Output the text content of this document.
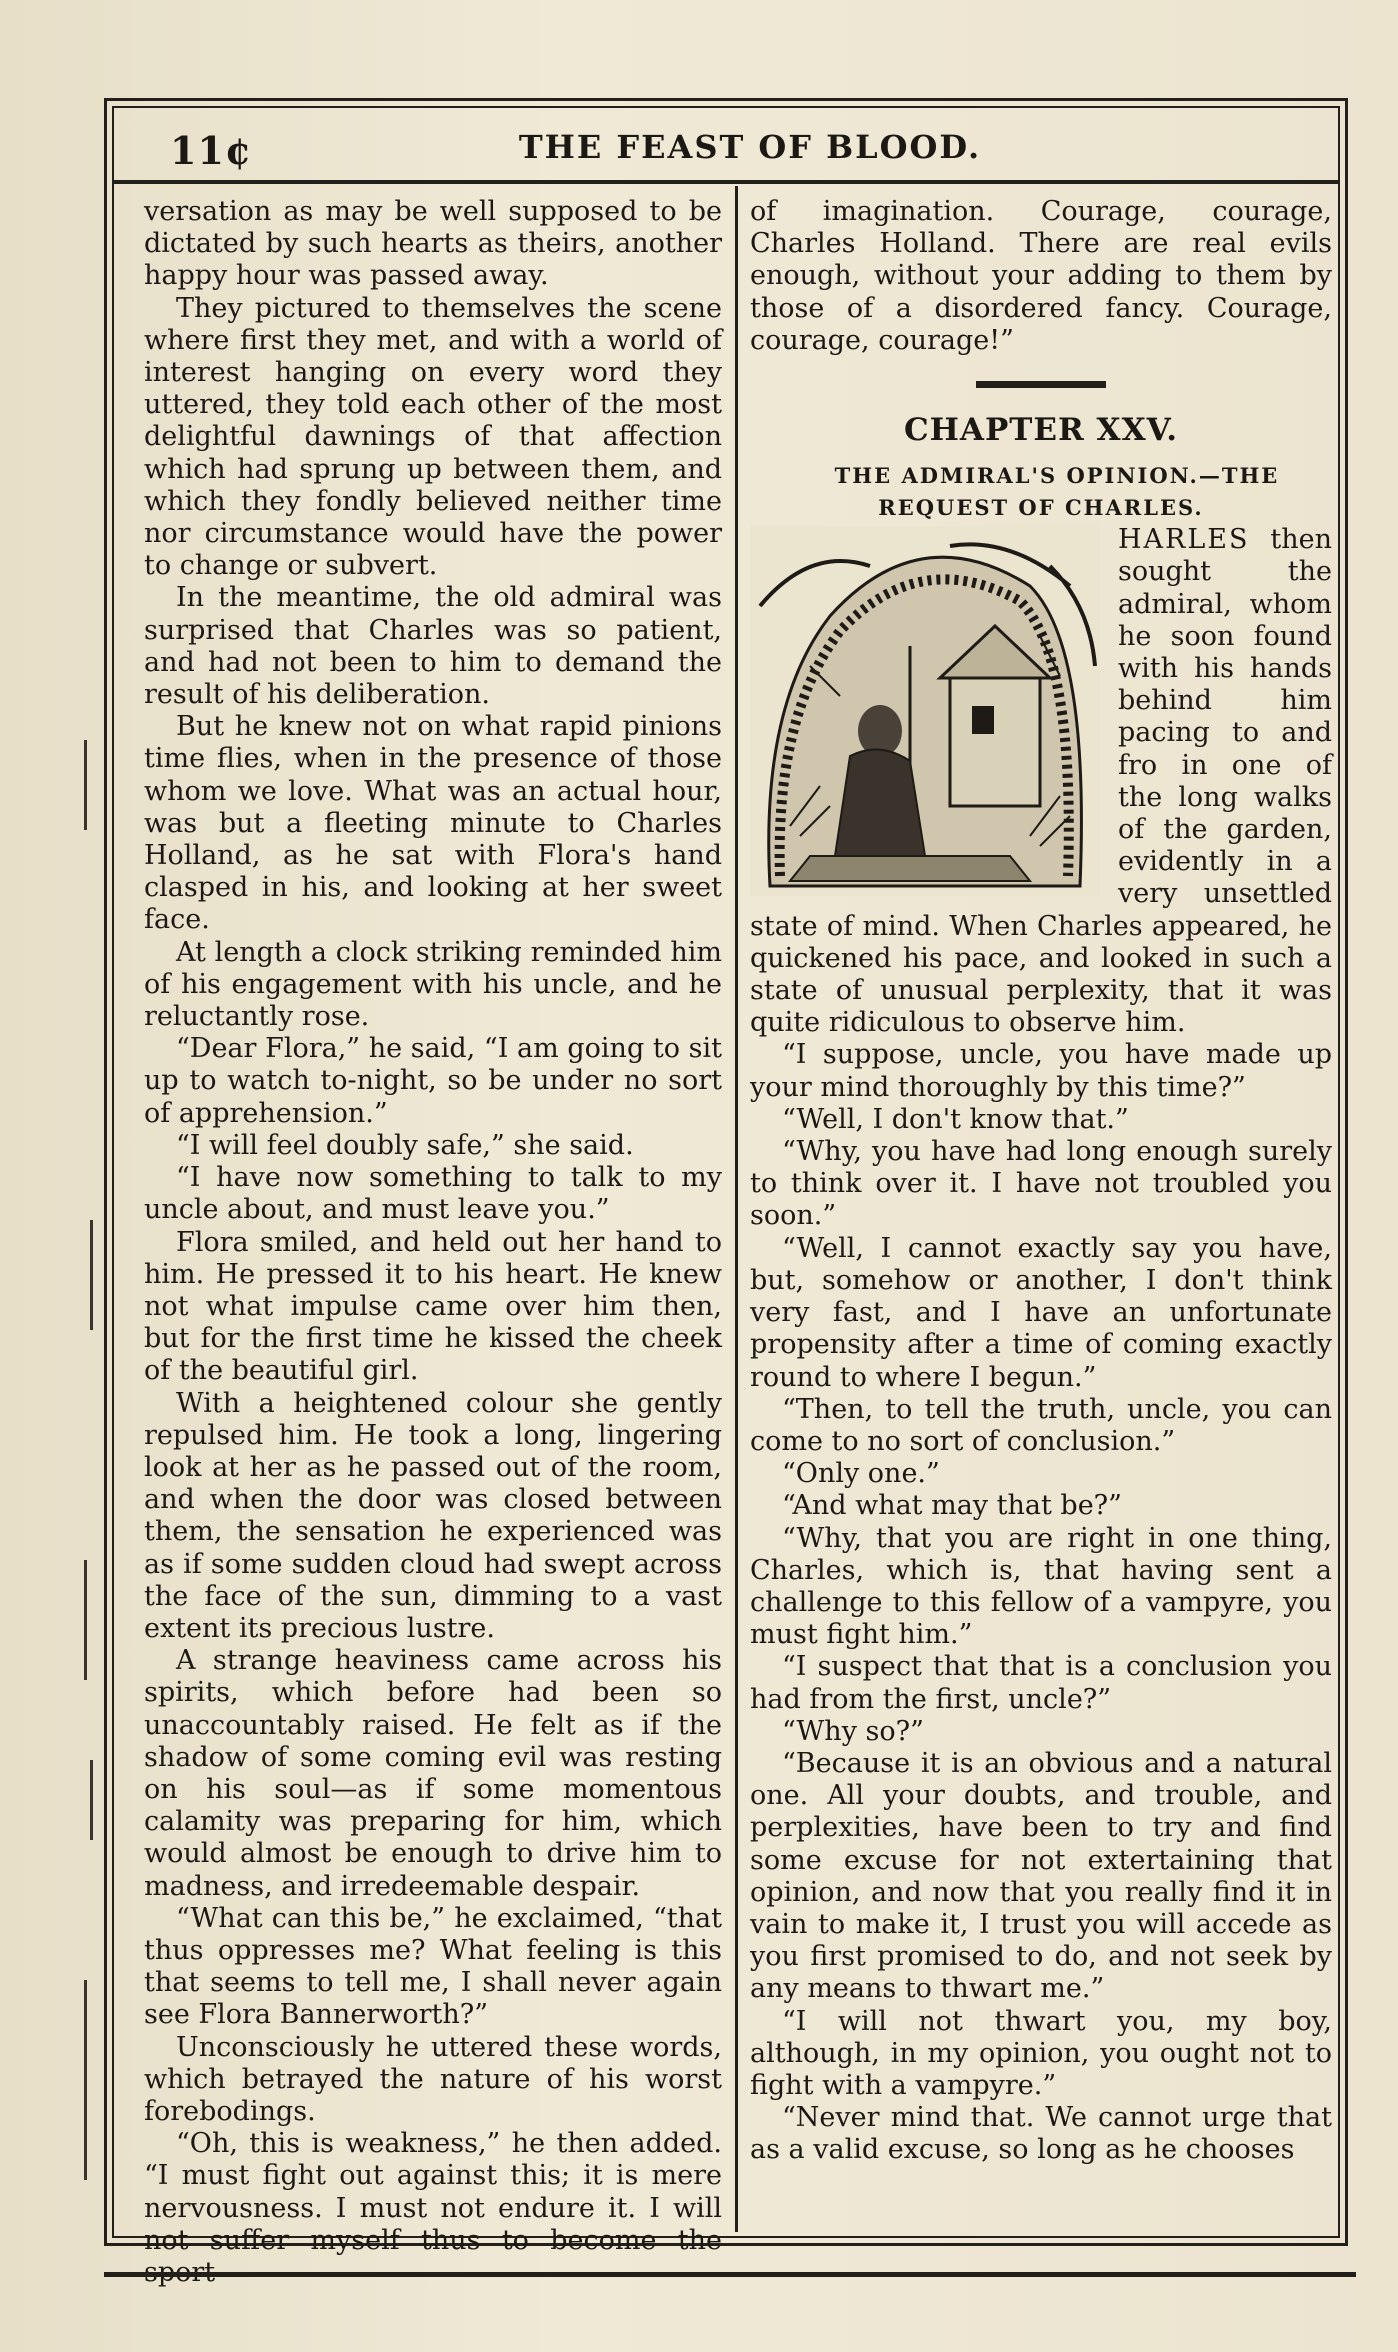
11¢	THE FEAST OF BLOOD.

versation as may be well supposed to be dictated by such hearts as theirs, another happy hour was passed away.

They pictured to themselves the scene where first they met, and with a world of interest hanging on every word they uttered, they told each other of the most delightful dawnings of that affection which had sprung up between them, and which they fondly believed neither time nor circumstance would have the power to change or subvert.

In the meantime, the old admiral was surprised that Charles was so patient, and had not been to him to demand the result of his deliberation.

But he knew not on what rapid pinions time flies, when in the presence of those whom we love. What was an actual hour, was but a fleeting minute to Charles Holland, as he sat with Flora's hand clasped in his, and looking at her sweet face.

At length a clock striking reminded him of his engagement with his uncle, and he reluctantly rose.

“Dear Flora,” he said, “I am going to sit up to watch to-night, so be under no sort of apprehension.”

“I will feel doubly safe,” she said.

“I have now something to talk to my uncle about, and must leave you.”

Flora smiled, and held out her hand to him. He pressed it to his heart. He knew not what impulse came over him then, but for the first time he kissed the cheek of the beautiful girl.

With a heightened colour she gently repulsed him. He took a long, lingering look at her as he passed out of the room, and when the door was closed between them, the sensation he experienced was as if some sudden cloud had swept across the face of the sun, dimming to a vast extent its precious lustre.

A strange heaviness came across his spirits, which before had been so unaccountably raised. He felt as if the shadow of some coming evil was resting on his soul—as if some momentous calamity was preparing for him, which would almost be enough to drive him to madness, and irredeemable despair.

“What can this be,” he exclaimed, “that thus oppresses me? What feeling is this that seems to tell me, I shall never again see Flora Bannerworth?”

Unconsciously he uttered these words, which betrayed the nature of his worst forebodings.

“Oh, this is weakness,” he then added. “I must fight out against this; it is mere nervousness. I must not endure it. I will not suffer myself thus to become the

of imagination. Courage, courage, Charles Holland. There are real evils enough, without your adding to them by those of a disordered fancy. Courage, courage, courage!”

CHAPTER XXV.

THE ADMIRAL'S OPINION.—THE REQUEST OF CHARLES.

HARLES then sought the admiral, whom he soon found with his hands behind him pacing to and fro in one of the long walks of the garden, evidently in a very unsettled state of mind. When Charles appeared, he quickened his pace, and looked in such a state of unusual perplexity, that it was quite ridiculous to observe him.

“I suppose, uncle, you have made up your mind thoroughly by this time?”

“Well, I don't know that.”

“Why, you have had long enough surely to think over it. I have not troubled you soon.”

“Well, I cannot exactly say you have, but, somehow or another, I don't think very fast, and I have an unfortunate propensity after a time of coming exactly round to where I begun.”

“Then, to tell the truth, uncle, you can come to no sort of conclusion.”

“Only one.”

“And what may that be?”

“Why, that you are right in one thing, Charles, which is, that having sent a challenge to this fellow of a vampyre, you must fight him.”

“I suspect that that is a conclusion you had from the first, uncle?”

“Why so?”

“Because it is an obvious and a natural one. All your doubts, and trouble, and perplexities, have been to try and find some excuse for not extertaining that opinion, and now that you really find it in vain to make it, I trust you will accede as you first promised to do, and not seek by any means to thwart me.”

“I will not thwart you, my boy, although, in my opinion, you ought not to fight with a vampyre.”

“Never mind that. We cannot urge that as a valid excuse, so long as he chooses
